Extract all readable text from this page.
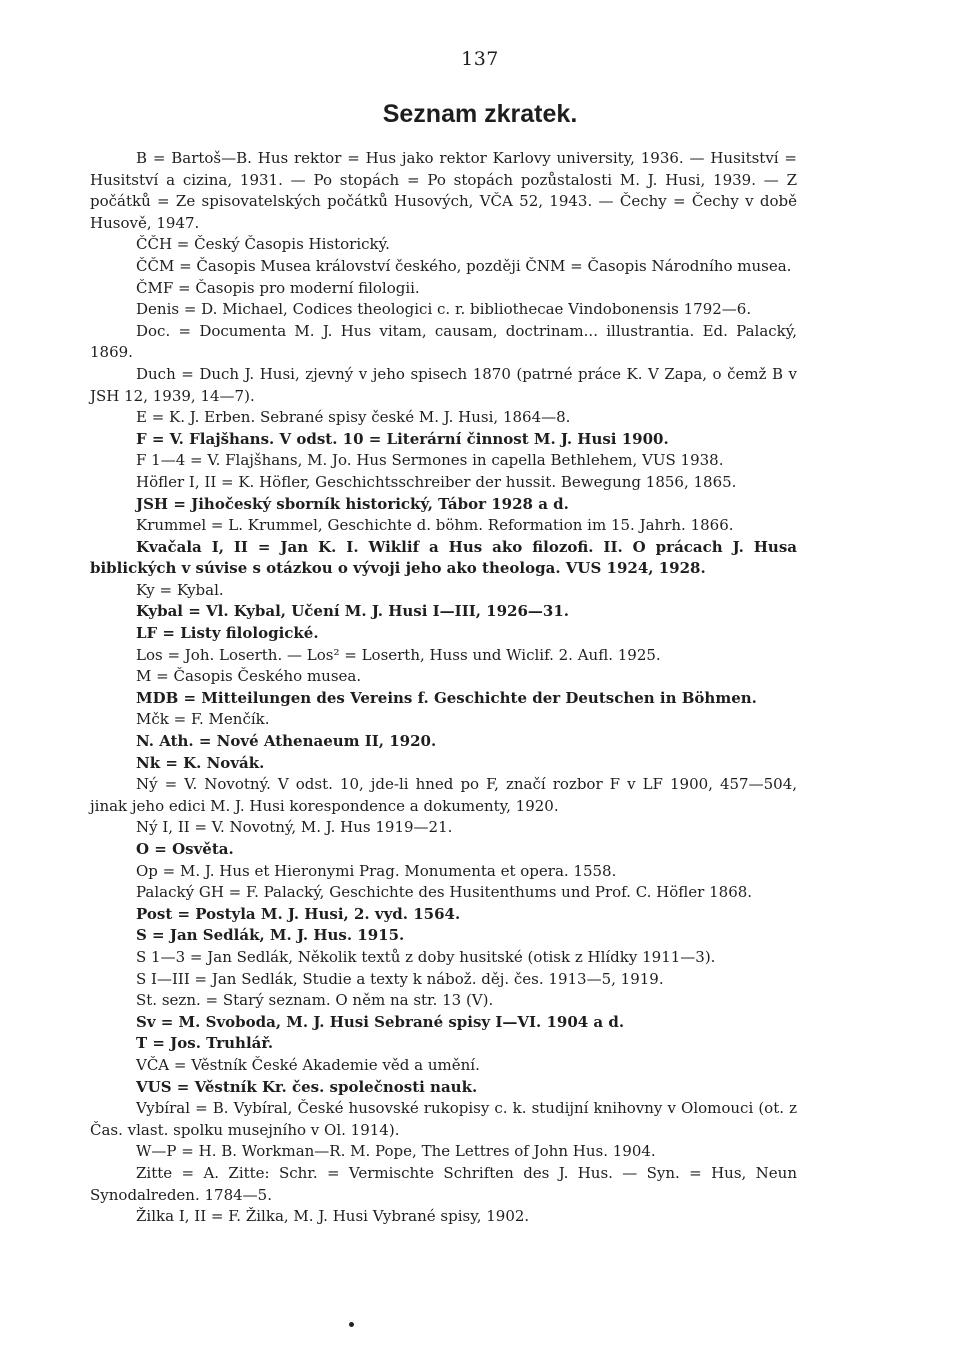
137
Seznam zkratek.

B = Bartoš—B. Hus rektor = Hus jako rektor Karlovy university, 1936. — Husitství = Husitství a cizina, 1931. — Po stopách = Po stopách pozůstalosti M. J. Husi, 1939. — Z počátků = Ze spisovatelských počátků Husových, VČA 52, 1943. — Čechy = Čechy v době Husově, 1947.

ČČH = Český Časopis Historický.

ČČM = Časopis Musea království českého, později ČNM = Časopis Národního musea.

ČMF = Časopis pro moderní filologii.

Denis = D. Michael, Codices theologici c. r. bibliothecae Vindobonensis 1792—6.

Doc. = Documenta M. J. Hus vitam, causam, doctrinam... illustrantia. Ed. Palacký, 1869.

Duch = Duch J. Husi, zjevný v jeho spisech 1870 (patrné práce K. V Zapa, o čemž B v JSH 12, 1939, 14—7).

E = K. J. Erben. Sebrané spisy české M. J. Husi, 1864—8.

F = V. Flajšhans. V odst. 10 = Literární činnost M. J. Husi 1900.

F 1—4 = V. Flajšhans, M. Jo. Hus Sermones in capella Bethlehem, VUS 1938.

Höfler I, II = K. Höfler, Geschichtsschreiber der hussit. Bewegung 1856, 1865.

JSH = Jihočeský sborník historický, Tábor 1928 a d.

Krummel = L. Krummel, Geschichte d. böhm. Reformation im 15. Jahrh. 1866.

Kvačala I, II = Jan K. I. Wiklif a Hus ako filozofi. II. O prácach J. Husa biblických v súvise s otázkou o vývoji jeho ako theologa. VUS 1924, 1928.

Ky = Kybal.

Kybal = Vl. Kybal, Učení M. J. Husi I—III, 1926—31.

LF = Listy filologické.

Los = Joh. Loserth. — Los² = Loserth, Huss und Wiclif. 2. Aufl. 1925.

M = Časopis Českého musea.

MDB = Mitteilungen des Vereins f. Geschichte der Deutschen in Böhmen.

Mčk = F. Menčík.

N. Ath. = Nové Athenaeum II, 1920.

Nk = K. Novák.

Ný = V. Novotný. V odst. 10, jde-li hned po F, značí rozbor F v LF 1900, 457—504, jinak jeho edici M. J. Husi korespondence a dokumenty, 1920.

Ný I, II = V. Novotný, M. J. Hus 1919—21.

O = Osvěta.

Op = M. J. Hus et Hieronymi Prag. Monumenta et opera. 1558.

Palacký GH = F. Palacký, Geschichte des Husitenthums und Prof. C. Höfler 1868.

Post = Postyla M. J. Husi, 2. vyd. 1564.

S = Jan Sedlák, M. J. Hus. 1915.

S 1—3 = Jan Sedlák, Několik textů z doby husitské (otisk z Hlídky 1911—3).

S I—III = Jan Sedlák, Studie a texty k nábož. děj. čes. 1913—5, 1919.

St. sezn. = Starý seznam. O něm na str. 13 (V).

Sv = M. Svoboda, M. J. Husi Sebrané spisy I—VI. 1904 a d.

T = Jos. Truhlář.

VČA = Věstník České Akademie věd a umění.

VUS = Věstník Kr. čes. společnosti nauk.

Vybíral = B. Vybíral, České husovské rukopisy c. k. studijní knihovny v Olomouci (ot. z Čas. vlast. spolku musejního v Ol. 1914).

W—P = H. B. Workman—R. M. Pope, The Lettres of John Hus. 1904.

Zitte = A. Zitte: Schr. = Vermischte Schriften des J. Hus. — Syn. = Hus, Neun Synodalreden. 1784—5.

Žilka I, II = F. Žilka, M. J. Husi Vybrané spisy, 1902.
